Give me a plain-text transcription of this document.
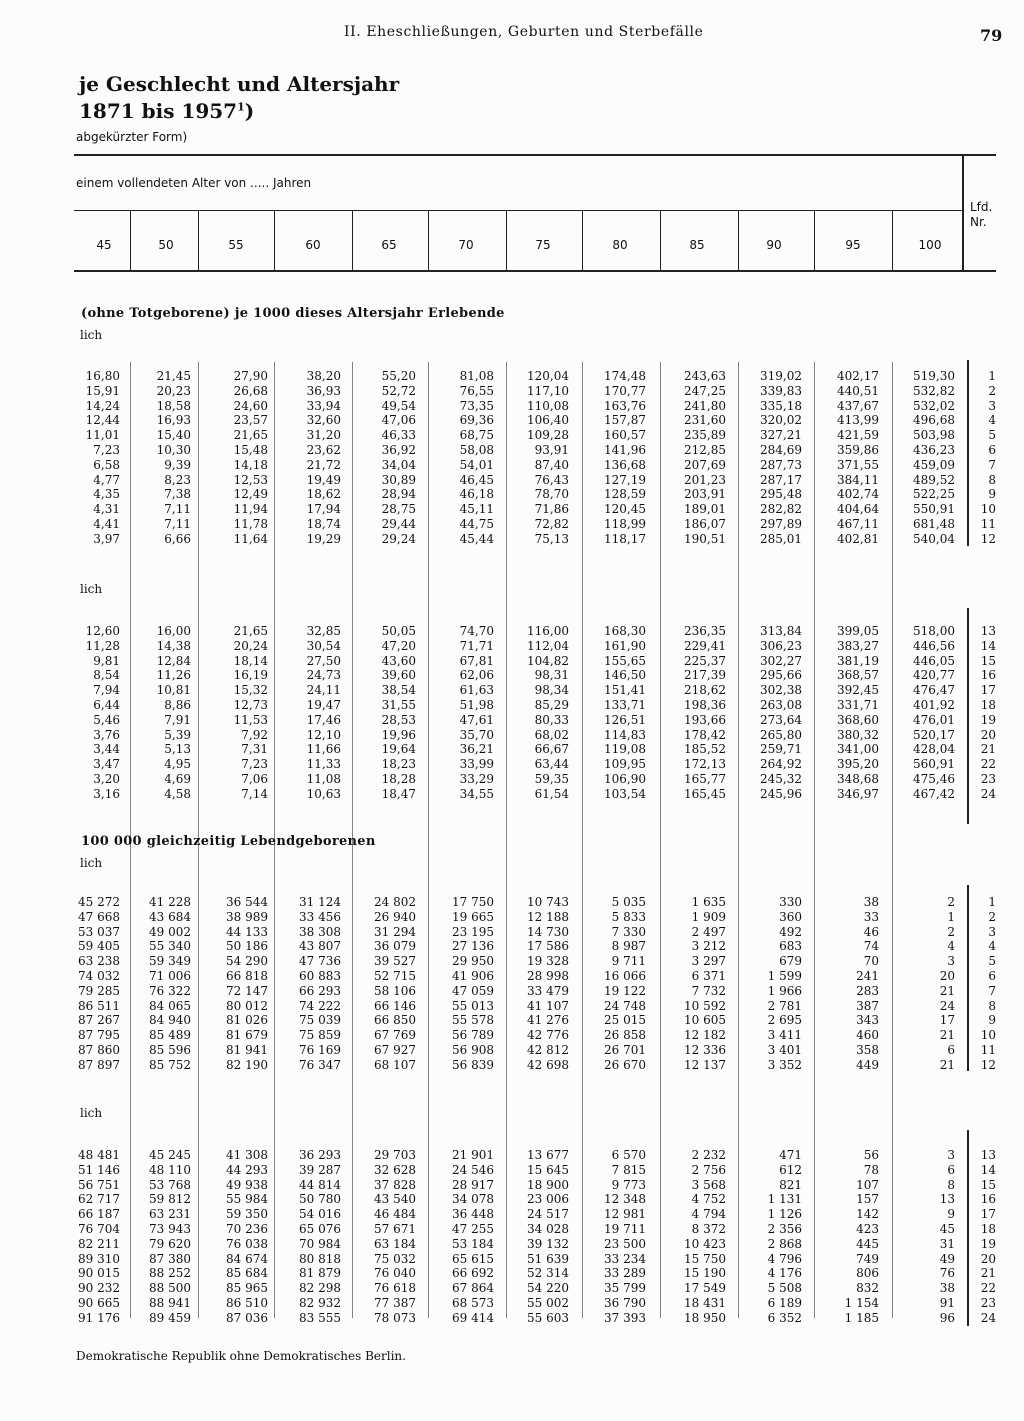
II. Eheschließungen, Geburten und Sterbefälle	79
je Geschlecht und Altersjahr
1871 bis 1957$^1$)
abgekürzter Form)
einem vollendeten Alter von ..... Jahren
Lfd.
Nr.
45	50	55	60	65	70	75	80	85	90	95	100
(ohne Totgeborene) je 1000 dieses Altersjahr Erlebende
lich
lich
100 000 gleichzeitig Lebendgeborenen
lich
lich
16,80	21,45	27,90	38,20	55,20	81,08	120,04	174,48	243,63	319,02	402,17	519,30	1
15,91	20,23	26,68	36,93	52,72	76,55	117,10	170,77	247,25	339,83	440,51	532,82	2
14,24	18,58	24,60	33,94	49,54	73,35	110,08	163,76	241,80	335,18	437,67	532,02	3
12,44	16,93	23,57	32,60	47,06	69,36	106,40	157,87	231,60	320,02	413,99	496,68	4
11,01	15,40	21,65	31,20	46,33	68,75	109,28	160,57	235,89	327,21	421,59	503,98	5
7,23	10,30	15,48	23,62	36,92	58,08	93,91	141,96	212,85	284,69	359,86	436,23	6
6,58	9,39	14,18	21,72	34,04	54,01	87,40	136,68	207,69	287,73	371,55	459,09	7
4,77	8,23	12,53	19,49	30,89	46,45	76,43	127,19	201,23	287,17	384,11	489,52	8
4,35	7,38	12,49	18,62	28,94	46,18	78,70	128,59	203,91	295,48	402,74	522,25	9
4,31	7,11	11,94	17,94	28,75	45,11	71,86	120,45	189,01	282,82	404,64	550,91	10
4,41	7,11	11,78	18,74	29,44	44,75	72,82	118,99	186,07	297,89	467,11	681,48	11
3,97	6,66	11,64	19,29	29,24	45,44	75,13	118,17	190,51	285,01	402,81	540,04	12
12,60	16,00	21,65	32,85	50,05	74,70	116,00	168,30	236,35	313,84	399,05	518,00	13
11,28	14,38	20,24	30,54	47,20	71,71	112,04	161,90	229,41	306,23	383,27	446,56	14
9,81	12,84	18,14	27,50	43,60	67,81	104,82	155,65	225,37	302,27	381,19	446,05	15
8,54	11,26	16,19	24,73	39,60	62,06	98,31	146,50	217,39	295,66	368,57	420,77	16
7,94	10,81	15,32	24,11	38,54	61,63	98,34	151,41	218,62	302,38	392,45	476,47	17
6,44	8,86	12,73	19,47	31,55	51,98	85,29	133,71	198,36	263,08	331,71	401,92	18
5,46	7,91	11,53	17,46	28,53	47,61	80,33	126,51	193,66	273,64	368,60	476,01	19
3,76	5,39	7,92	12,10	19,96	35,70	68,02	114,83	178,42	265,80	380,32	520,17	20
3,44	5,13	7,31	11,66	19,64	36,21	66,67	119,08	185,52	259,71	341,00	428,04	21
3,47	4,95	7,23	11,33	18,23	33,99	63,44	109,95	172,13	264,92	395,20	560,91	22
3,20	4,69	7,06	11,08	18,28	33,29	59,35	106,90	165,77	245,32	348,68	475,46	23
3,16	4,58	7,14	10,63	18,47	34,55	61,54	103,54	165,45	245,96	346,97	467,42	24
45 272	41 228	36 544	31 124	24 802	17 750	10 743	5 035	1 635	330	38	2	1
47 668	43 684	38 989	33 456	26 940	19 665	12 188	5 833	1 909	360	33	1	2
53 037	49 002	44 133	38 308	31 294	23 195	14 730	7 330	2 497	492	46	2	3
59 405	55 340	50 186	43 807	36 079	27 136	17 586	8 987	3 212	683	74	4	4
63 238	59 349	54 290	47 736	39 527	29 950	19 328	9 711	3 297	679	70	3	5
74 032	71 006	66 818	60 883	52 715	41 906	28 998	16 066	6 371	1 599	241	20	6
79 285	76 322	72 147	66 293	58 106	47 059	33 479	19 122	7 732	1 966	283	21	7
86 511	84 065	80 012	74 222	66 146	55 013	41 107	24 748	10 592	2 781	387	24	8
87 267	84 940	81 026	75 039	66 850	55 578	41 276	25 015	10 605	2 695	343	17	9
87 795	85 489	81 679	75 859	67 769	56 789	42 776	26 858	12 182	3 411	460	21	10
87 860	85 596	81 941	76 169	67 927	56 908	42 812	26 701	12 336	3 401	358	6	11
87 897	85 752	82 190	76 347	68 107	56 839	42 698	26 670	12 137	3 352	449	21	12
48 481	45 245	41 308	36 293	29 703	21 901	13 677	6 570	2 232	471	56	3	13
51 146	48 110	44 293	39 287	32 628	24 546	15 645	7 815	2 756	612	78	6	14
56 751	53 768	49 938	44 814	37 828	28 917	18 900	9 773	3 568	821	107	8	15
62 717	59 812	55 984	50 780	43 540	34 078	23 006	12 348	4 752	1 131	157	13	16
66 187	63 231	59 350	54 016	46 484	36 448	24 517	12 981	4 794	1 126	142	9	17
76 704	73 943	70 236	65 076	57 671	47 255	34 028	19 711	8 372	2 356	423	45	18
82 211	79 620	76 038	70 984	63 184	53 184	39 132	23 500	10 423	2 868	445	31	19
89 310	87 380	84 674	80 818	75 032	65 615	51 639	33 234	15 750	4 796	749	49	20
90 015	88 252	85 684	81 879	76 040	66 692	52 314	33 289	15 190	4 176	806	76	21
90 232	88 500	85 965	82 298	76 618	67 864	54 220	35 799	17 549	5 508	832	38	22
90 665	88 941	86 510	82 932	77 387	68 573	55 002	36 790	18 431	6 189	1 154	91	23
91 176	89 459	87 036	83 555	78 073	69 414	55 603	37 393	18 950	6 352	1 185	96	24
Demokratische Republik ohne Demokratisches Berlin.
